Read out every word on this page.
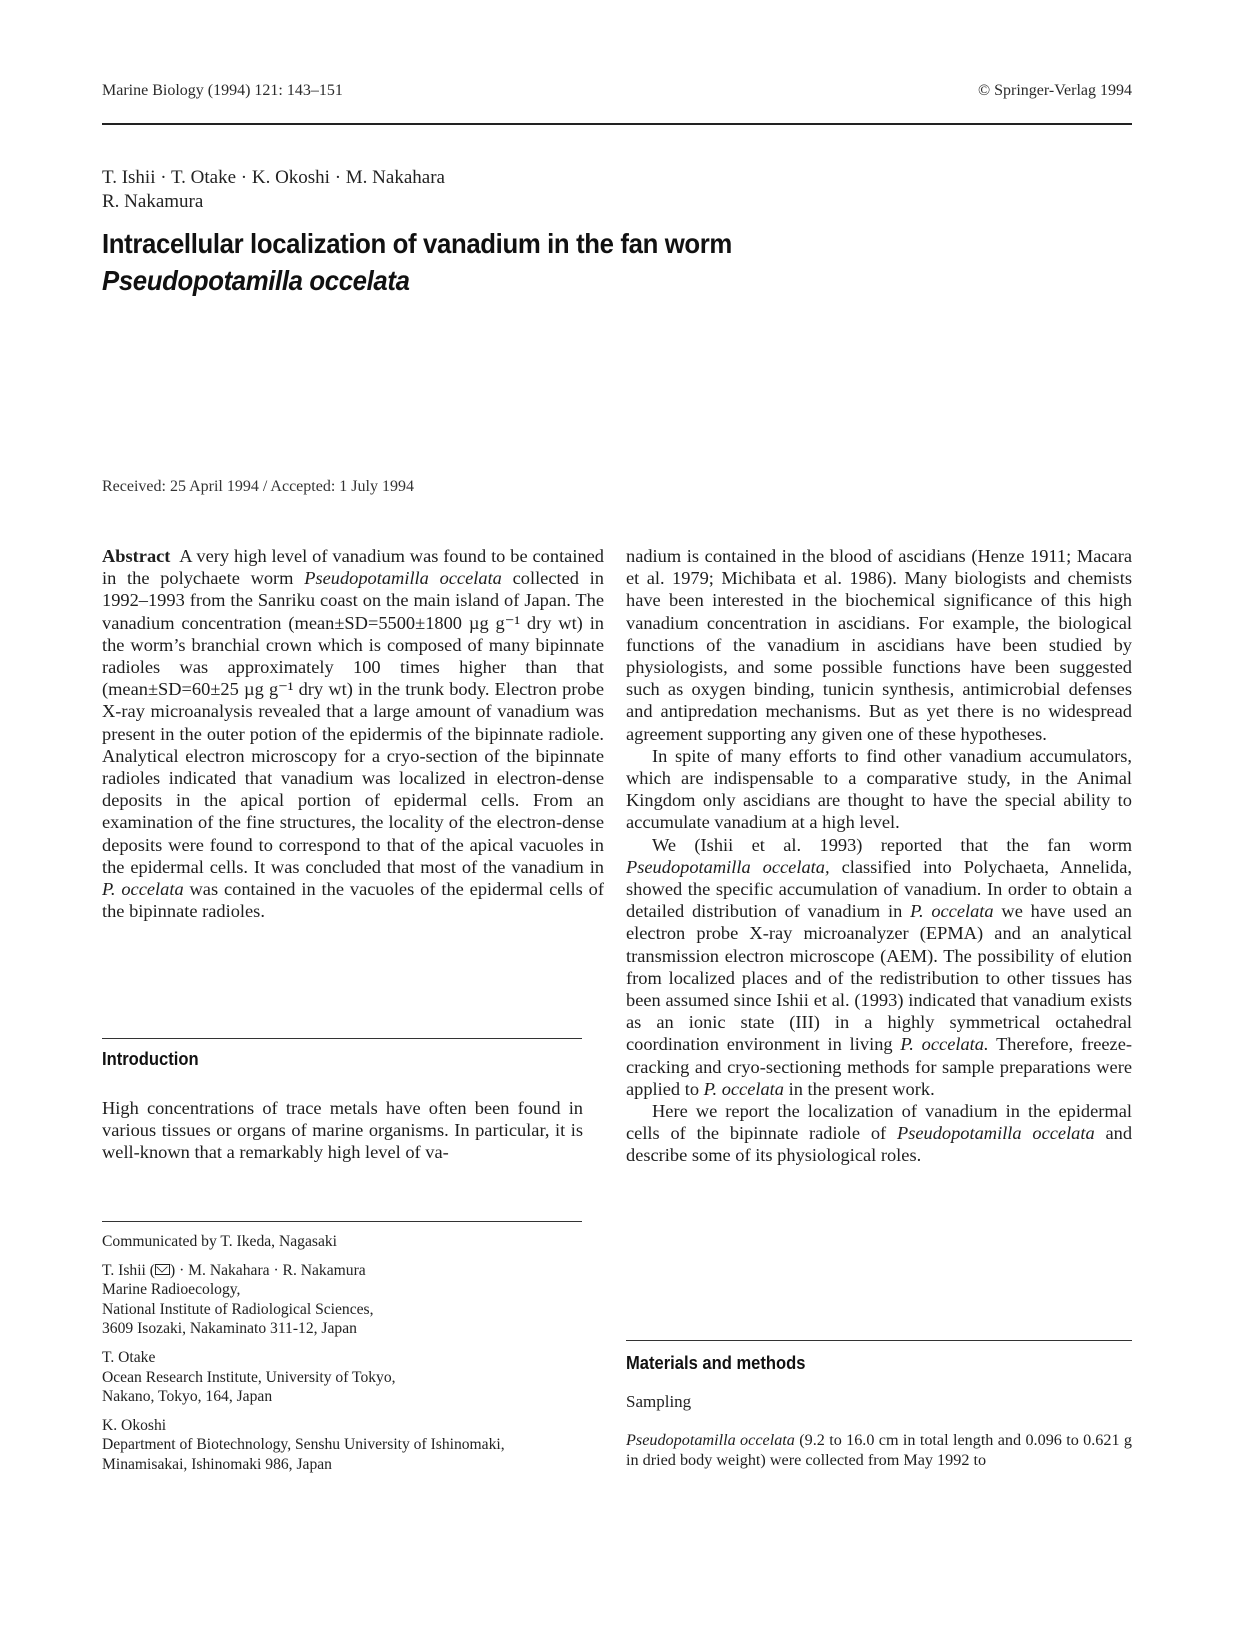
Marine Biology (1994) 121: 143–151	© Springer-Verlag 1994
T. Ishii · T. Otake · K. Okoshi · M. Nakahara
R. Nakamura
Intracellular localization of vanadium in the fan worm
Pseudopotamilla occelata
Received: 25 April 1994 / Accepted: 1 July 1994

Abstract A very high level of vanadium was found to be contained in the polychaete worm Pseudopotamilla occelata collected in 1992–1993 from the Sanriku coast on the main island of Japan. The vanadium concentration (mean±SD=5500±1800 µg g⁻¹ dry wt) in the worm’s branchial crown which is composed of many bipinnate radioles was approximately 100 times higher than that (mean±SD=60±25 µg g⁻¹ dry wt) in the trunk body. Electron probe X-ray microanalysis revealed that a large amount of vanadium was present in the outer potion of the epidermis of the bipinnate radiole. Analytical electron microscopy for a cryo-section of the bipinnate radioles indicated that vanadium was localized in electron-dense deposits in the apical portion of epidermal cells. From an examination of the fine structures, the locality of the electron-dense deposits were found to correspond to that of the apical vacuoles in the epidermal cells. It was concluded that most of the vanadium in P. occelata was contained in the vacuoles of the epidermal cells of the bipinnate radioles.

Introduction

High concentrations of trace metals have often been found in various tissues or organs of marine organisms. In particular, it is well-known that a remarkably high level of va-

Communicated by T. Ikeda, Nagasaki
T. Ishii ( ) · M. Nakahara · R. Nakamura
Marine Radioecology,
National Institute of Radiological Sciences,
3609 Isozaki, Nakaminato 311-12, Japan
T. Otake
Ocean Research Institute, University of Tokyo,
Nakano, Tokyo, 164, Japan
K. Okoshi
Department of Biotechnology, Senshu University of Ishinomaki,
Minamisakai, Ishinomaki 986, Japan

nadium is contained in the blood of ascidians (Henze 1911; Macara et al. 1979; Michibata et al. 1986). Many biologists and chemists have been interested in the biochemical significance of this high vanadium concentration in ascidians. For example, the biological functions of the vanadium in ascidians have been studied by physiologists, and some possible functions have been suggested such as oxygen binding, tunicin synthesis, antimicrobial defenses and antipredation mechanisms. But as yet there is no widespread agreement supporting any given one of these hypotheses.

In spite of many efforts to find other vanadium accumulators, which are indispensable to a comparative study, in the Animal Kingdom only ascidians are thought to have the special ability to accumulate vanadium at a high level.

We (Ishii et al. 1993) reported that the fan worm Pseudopotamilla occelata, classified into Polychaeta, Annelida, showed the specific accumulation of vanadium. In order to obtain a detailed distribution of vanadium in P. occelata we have used an electron probe X-ray microanalyzer (EPMA) and an analytical transmission electron microscope (AEM). The possibility of elution from localized places and of the redistribution to other tissues has been assumed since Ishii et al. (1993) indicated that vanadium exists as an ionic state (III) in a highly symmetrical octahedral coordination environment in living P. occelata. Therefore, freeze-cracking and cryo-sectioning methods for sample preparations were applied to P. occelata in the present work.

Here we report the localization of vanadium in the epidermal cells of the bipinnate radiole of Pseudopotamilla occelata and describe some of its physiological roles.

Materials and methods
Sampling

Pseudopotamilla occelata (9.2 to 16.0 cm in total length and 0.096 to 0.621 g in dried body weight) were collected from May 1992 to
